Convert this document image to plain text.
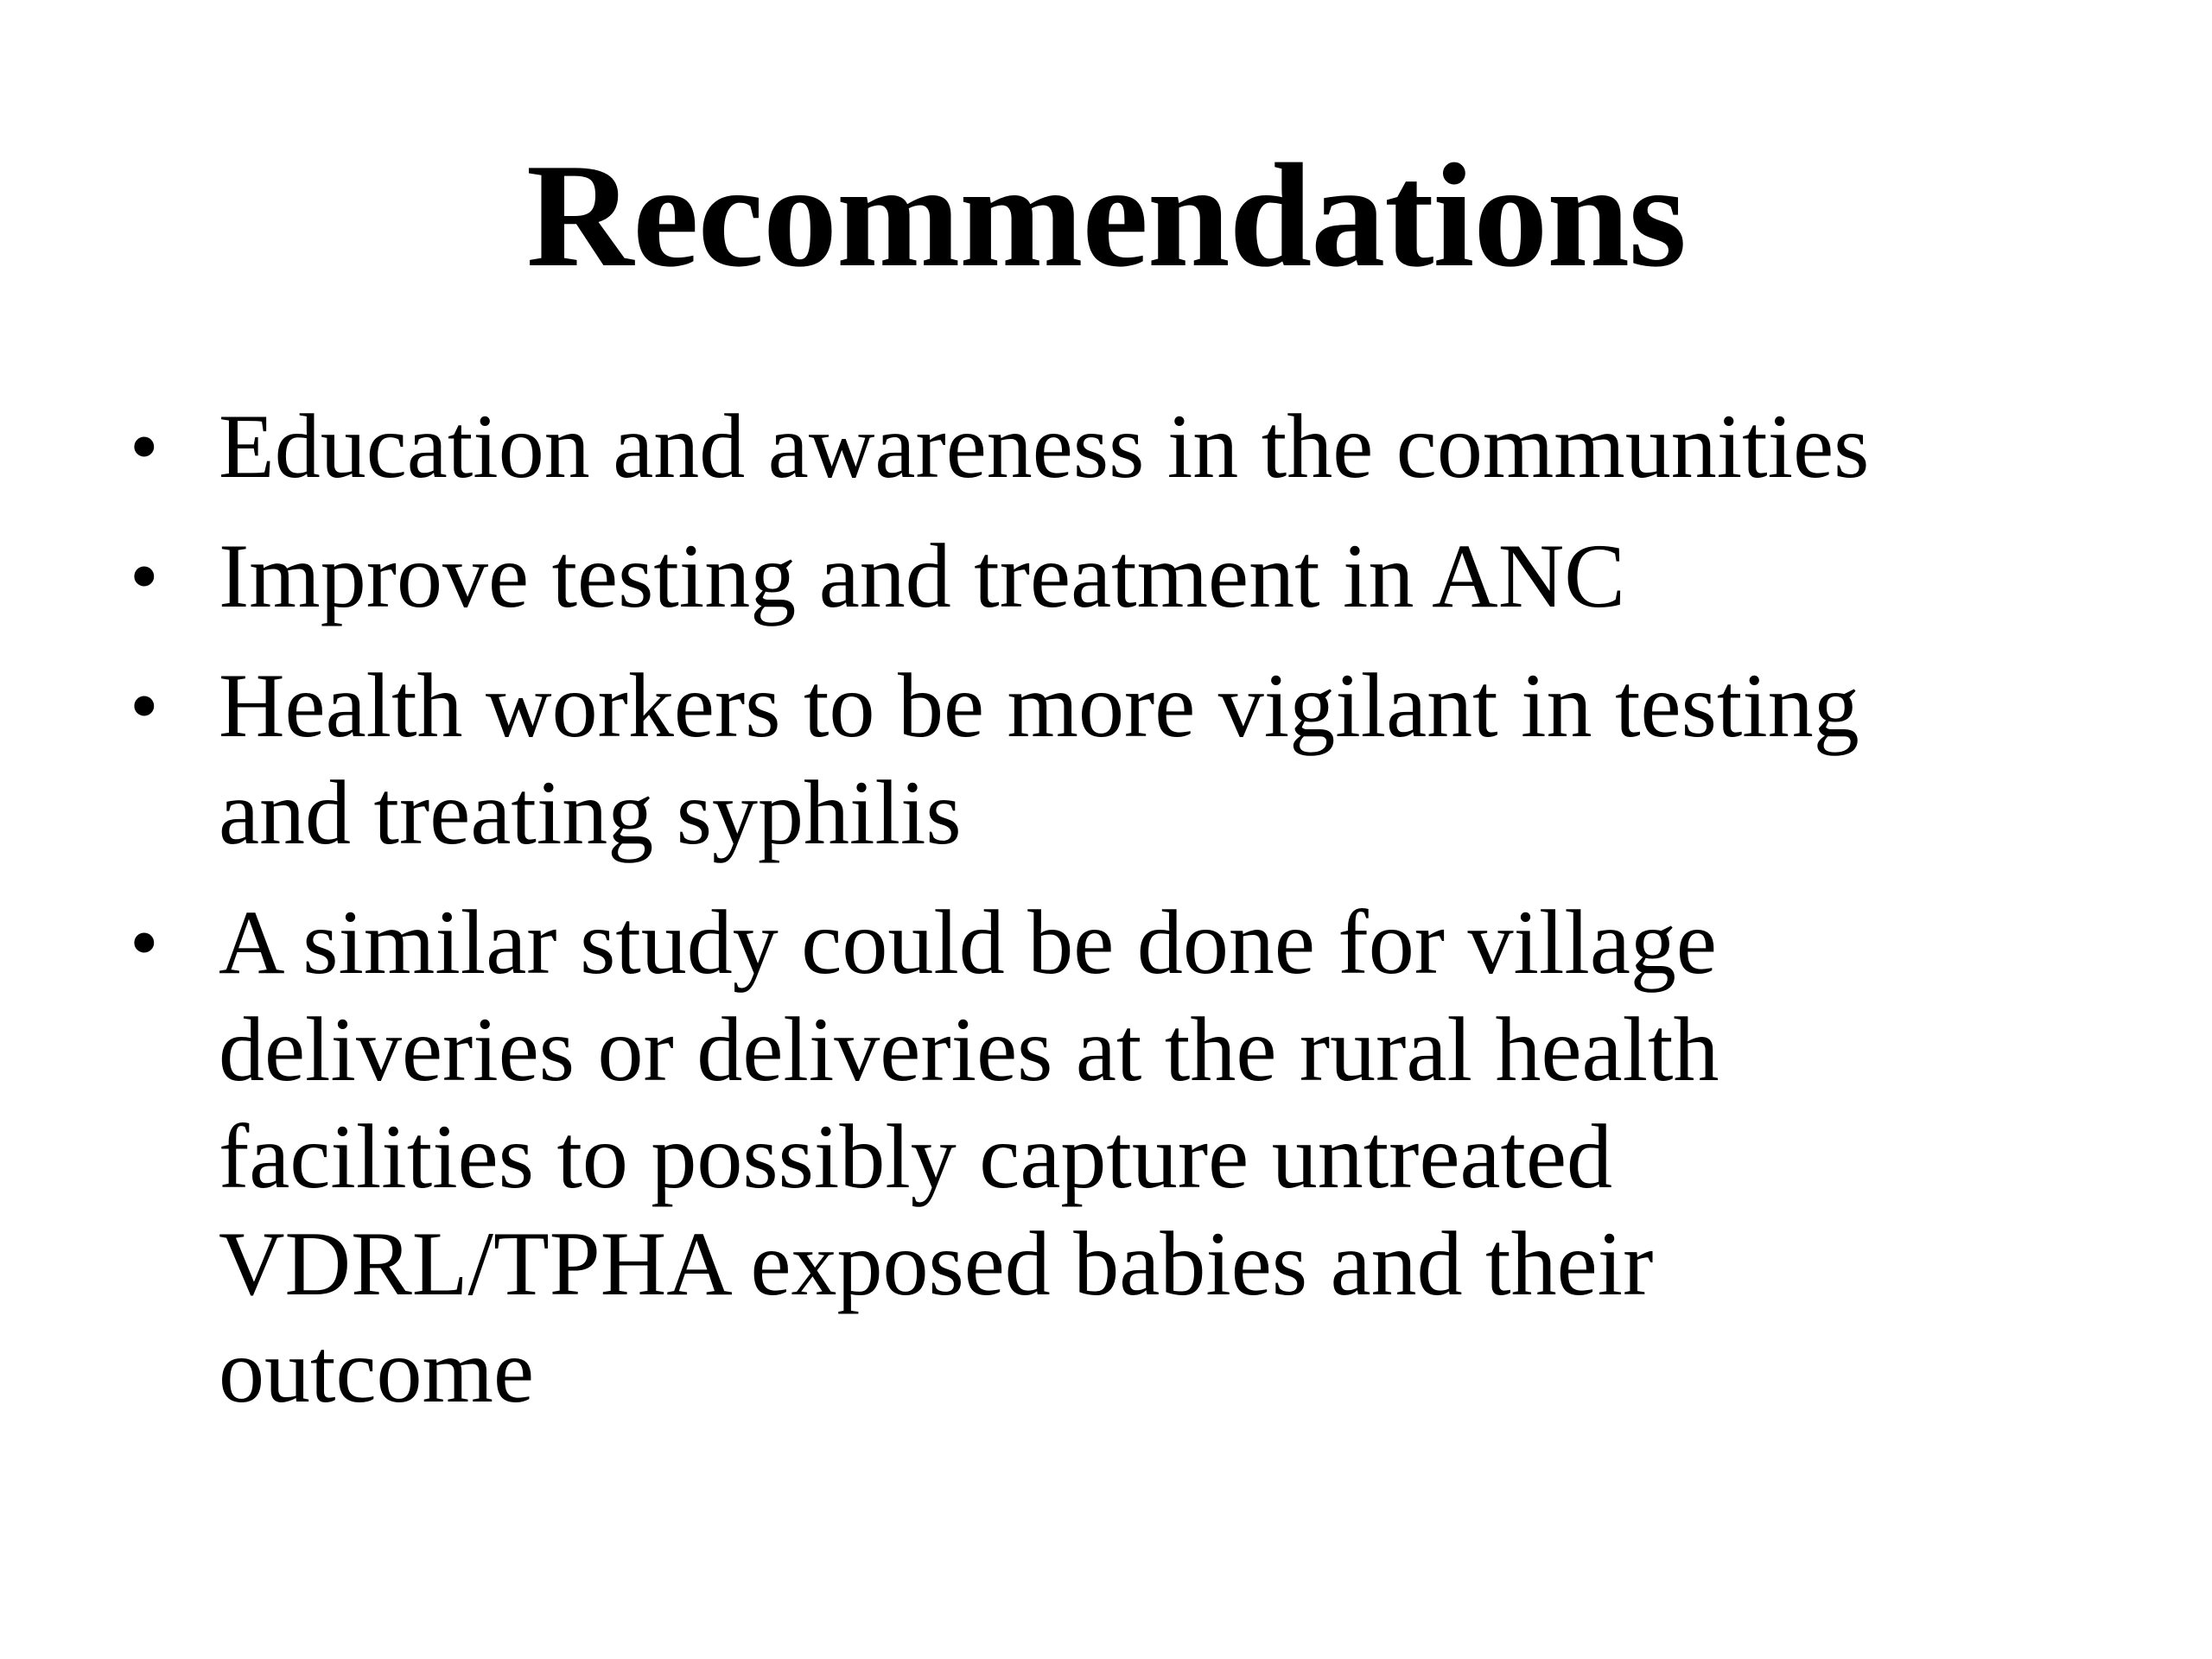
Recommendations
• Education and awareness in the communities
• Improve testing and treatment in ANC
• Health workers to be more vigilant in testing
and treating syphilis
• A similar study could be done for village
deliveries or deliveries at the rural health
facilities to possibly capture untreated
VDRL/TPHA exposed babies and their
outcome
